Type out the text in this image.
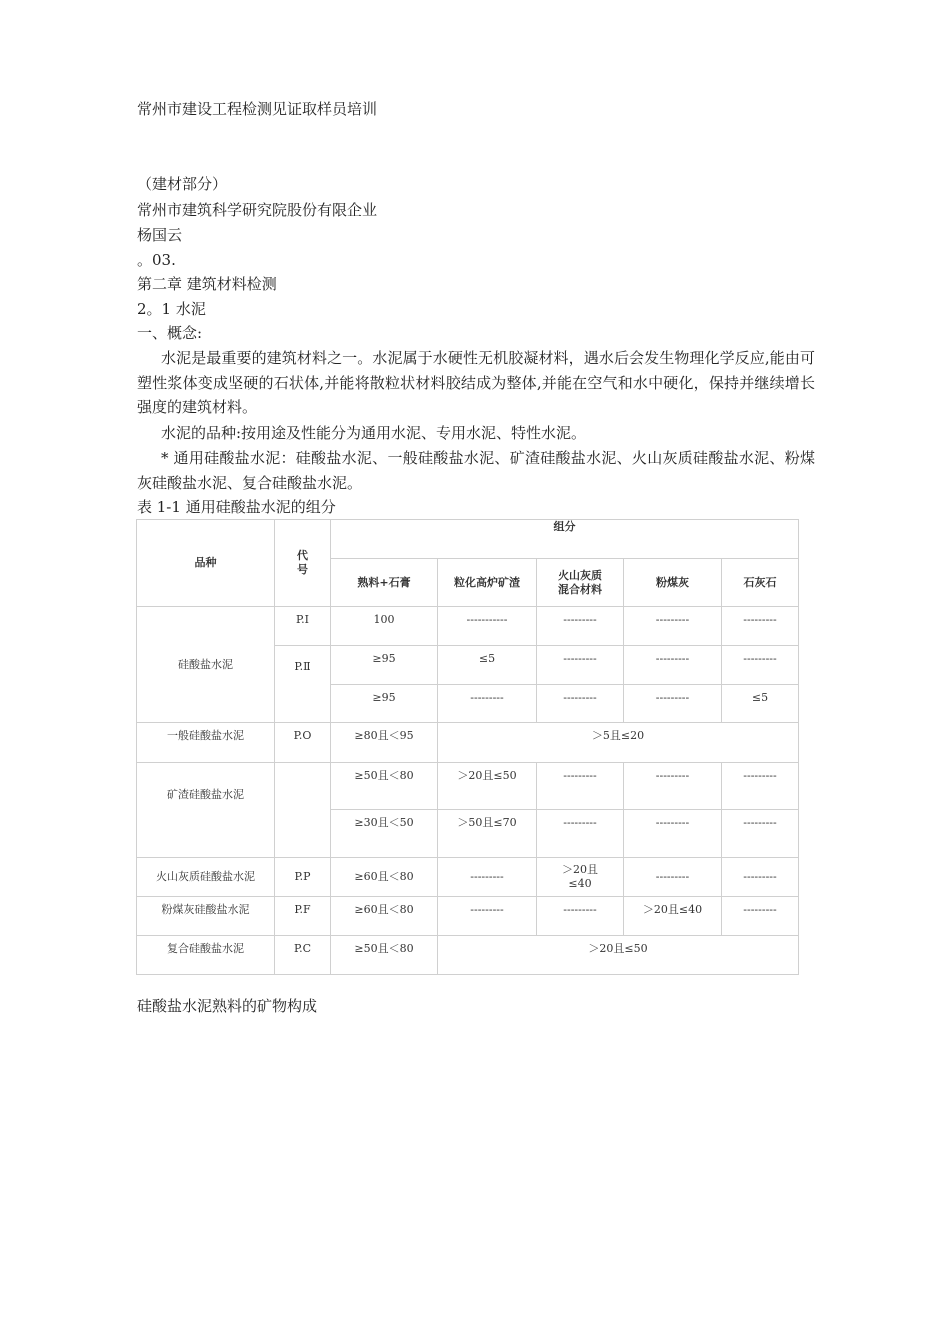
常州市建设工程检测见证取样员培训
（建材部分）
常州市建筑科学研究院股份有限企业
杨国云
。03.
第二章 建筑材料检测
2。1 水泥
一、概念:
水泥是最重要的建筑材料之一。水泥属于水硬性无机胶凝材料，遇水后会发生物理化学反应,能由可塑性浆体变成坚硬的石状体,并能将散粒状材料胶结成为整体,并能在空气和水中硬化，保持并继续增长强度的建筑材料。
水泥的品种:按用途及性能分为通用水泥、专用水泥、特性水泥。
* 通用硅酸盐水泥：硅酸盐水泥、一般硅酸盐水泥、矿渣硅酸盐水泥、火山灰质硅酸盐水泥、粉煤灰硅酸盐水泥、复合硅酸盐水泥。
表 1-1 通用硅酸盐水泥的组分
品种	代号	组分				
		熟料+石膏	粒化高炉矿渣	火山灰质混合材料	粉煤灰	石灰石
硅酸盐水泥	P.Ⅰ	100	-----------	---------	---------	---------
	P.Ⅱ	≥95	≤5	---------	---------	---------
		≥95	---------	---------	---------	≤5
一般硅酸盐水泥	P.O	≥80且＜95	＞5且≤20			
矿渣硅酸盐水泥		≥50且＜80	＞20且≤50	---------	---------	---------
		≥30且＜50	＞50且≤70	---------	---------	---------
火山灰质硅酸盐水泥	P.P	≥60且＜80	---------	＞20且≤40	---------	---------
粉煤灰硅酸盐水泥	P.F	≥60且＜80	---------	---------	＞20且≤40	---------
复合硅酸盐水泥	P.C	≥50且＜80	＞20且≤50			
硅酸盐水泥熟料的矿物构成
